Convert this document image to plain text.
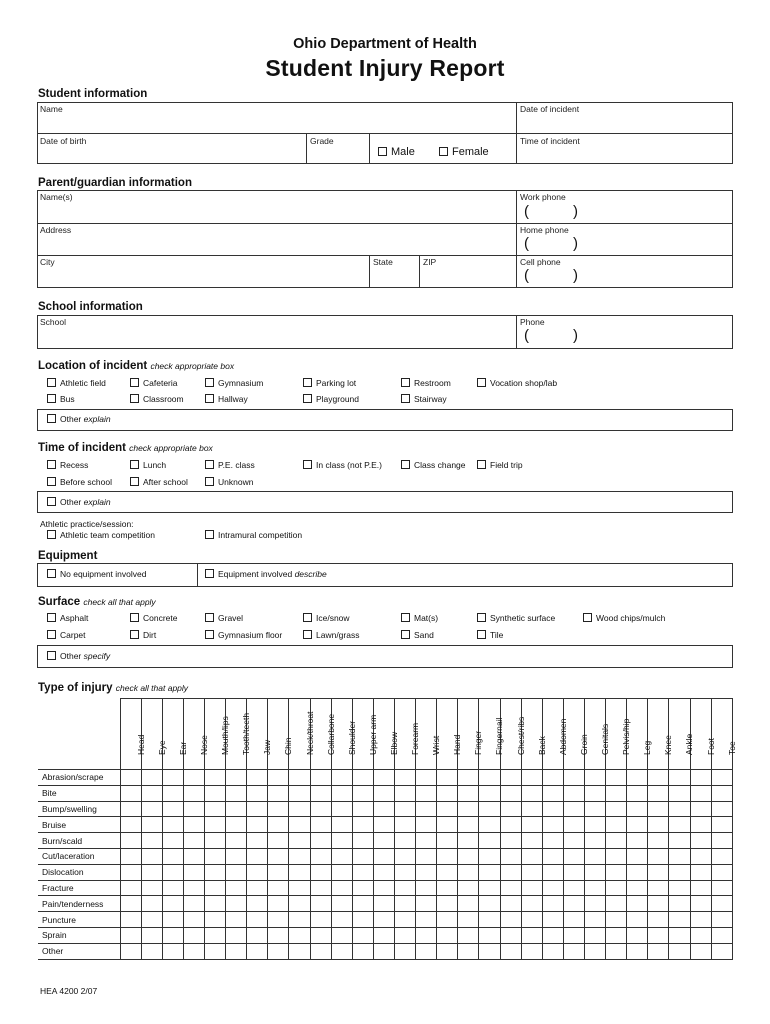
Ohio Department of Health
Student Injury Report
Student information
Name	Date of incident
Date of birth	Grade
Male	Female
Time of incident
Parent/guardian information
Name(s)	Work phone
(	)
Address	Home phone
(	)
City	State	ZIP	Cell phone
(	)
School information
School	Phone
(	)
Location of incident check appropriate box
Athletic field	Cafeteria	Gymnasium	Parking lot	Restroom	Vocation shop/lab
Bus	Classroom	Hallway	Playground	Stairway
Other explain
Time of incident check appropriate box
Recess	Lunch	P.E. class	In class (not P.E.)	Class change	Field trip
Before school	After school	Unknown
Other explain
Athletic practice/session:
Athletic team competition	Intramural competition
Equipment
No equipment involved	Equipment involved describe
Surface check all that apply
Asphalt	Concrete	Gravel	Ice/snow	Mat(s)	Synthetic surface	Wood chips/mulch
Carpet	Dirt	Gymnasium floor	Lawn/grass	Sand	Tile
Other specify
Type of injury check all that apply

	Head	Eye	Ear	Nose	Mouth/lips	Tooth/teeth	Jaw	Chin	Neck/throat	Collarbone	Shoulder	Upper arm	Elbow	Forearm	Wrist	Hand	Finger	Fingernail	Chest/ribs	Back	Abdomen	Groin	Genitals	Pelvis/hip	Leg	Knee	Ankle	Foot	Toe

Abrasion/scrape																													
Bite																													
Bump/swelling																													
Bruise																													
Burn/scald																													
Cut/laceration																													
Dislocation																													
Fracture																													
Pain/tenderness																													
Puncture																													
Sprain																													
Other																													
HEA 4200 2/07
